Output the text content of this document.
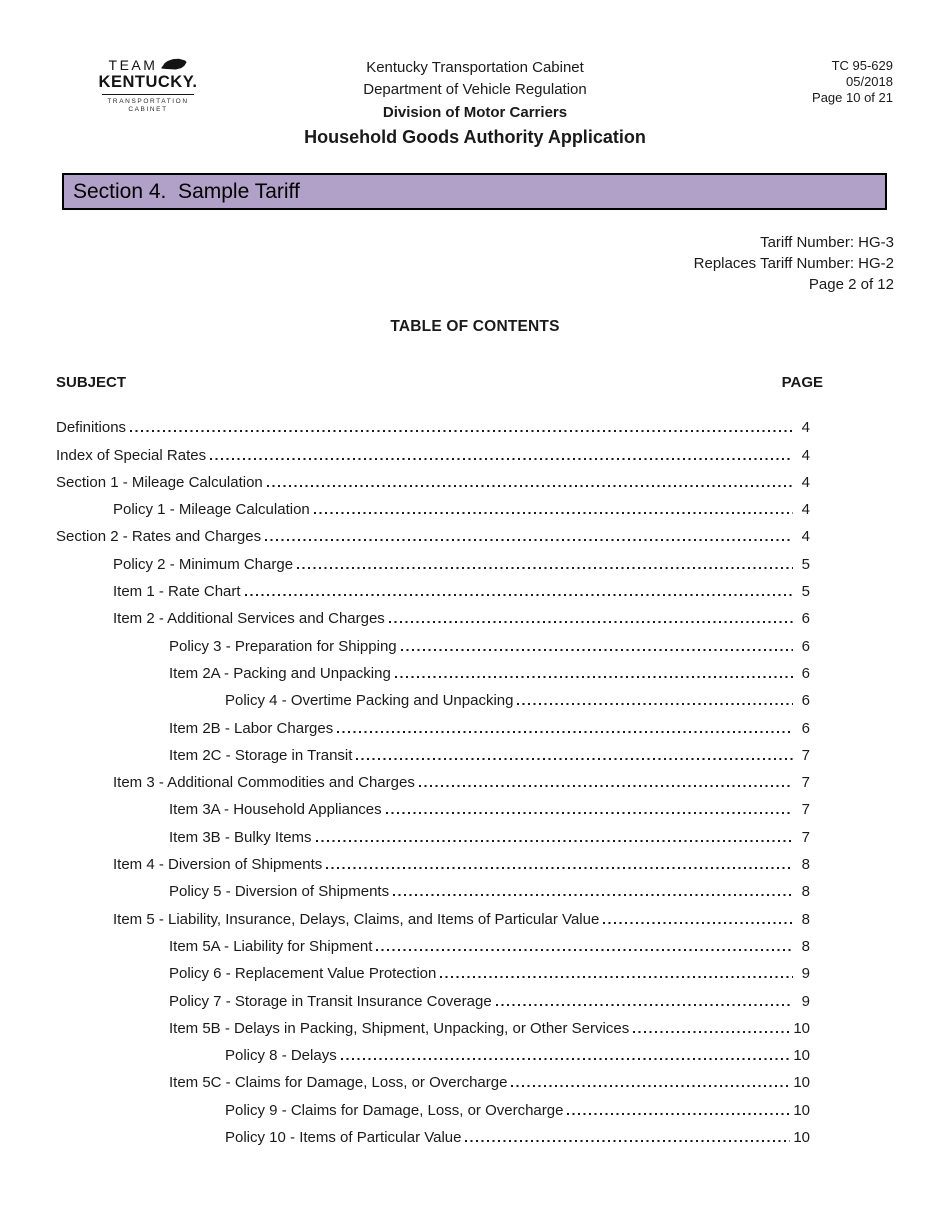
TEAM
KENTUCKY.
TRANSPORTATION
CABINET
Kentucky Transportation Cabinet
Department of Vehicle Regulation
Division of Motor Carriers
Household Goods Authority Application
TC 95-629
05/2018
Page 10 of 21
Section 4.  Sample Tariff
Tariff Number: HG-3
Replaces Tariff Number: HG-2
Page 2 of 12
TABLE OF CONTENTS
SUBJECT	PAGE
Definitions	4
Index of Special Rates	4
Section 1 - Mileage Calculation	4
Policy 1 - Mileage Calculation	4
Section 2 - Rates and Charges	4
Policy 2 - Minimum Charge	5
Item 1 - Rate Chart	5
Item 2 - Additional Services and Charges	6
Policy 3 - Preparation for Shipping	6
Item 2A - Packing and Unpacking	6
Policy 4 - Overtime Packing and Unpacking	6
Item 2B - Labor Charges	6
Item 2C - Storage in Transit	7
Item 3 - Additional Commodities and Charges	7
Item 3A - Household Appliances	7
Item 3B - Bulky Items	7
Item 4 - Diversion of Shipments	8
Policy 5 - Diversion of Shipments	8
Item 5 - Liability, Insurance, Delays, Claims, and Items of Particular Value	8
Item 5A - Liability for Shipment	8
Policy 6 - Replacement Value Protection	9
Policy 7 - Storage in Transit Insurance Coverage	9
Item 5B - Delays in Packing, Shipment, Unpacking, or Other Services	10
Policy 8 - Delays	10
Item 5C - Claims for Damage, Loss, or Overcharge	10
Policy 9 - Claims for Damage, Loss, or Overcharge	10
Policy 10 - Items of Particular Value	10
